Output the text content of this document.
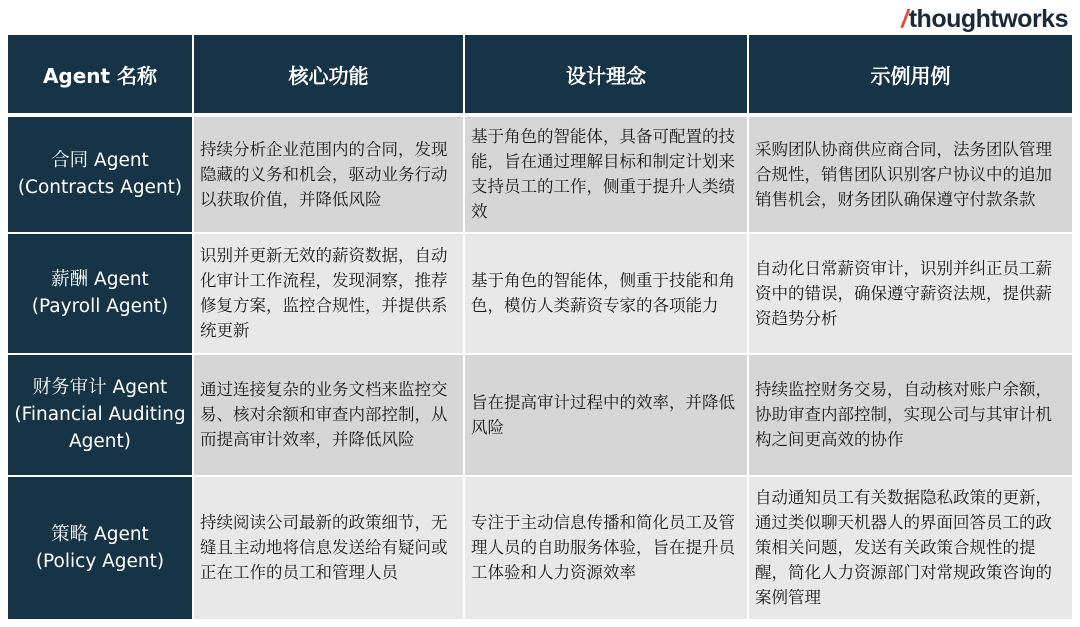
/ thoughtworks
Agent 名称	核心功能	设计理念	示例用例

合同 Agent
(Contracts Agent)	持续分析企业范围内的合同，发现隐藏的义务和机会，驱动业务行动以获取价值，并降低风险	基于角色的智能体，具备可配置的技能，旨在通过理解目标和制定计划来支持员工的工作，侧重于提升人类绩效	采购团队协商供应商合同，法务团队管理合规性，销售团队识别客户协议中的追加销售机会，财务团队确保遵守付款条款

薪酬 Agent
(Payroll Agent)	识别并更新无效的薪资数据，自动化审计工作流程，发现洞察，推荐修复方案，监控合规性，并提供系统更新	基于角色的智能体，侧重于技能和角色，模仿人类薪资专家的各项能力	自动化日常薪资审计，识别并纠正员工薪资中的错误，确保遵守薪资法规，提供薪资趋势分析

财务审计 Agent
(Financial Auditing Agent)	通过连接复杂的业务文档来监控交易、核对余额和审查内部控制，从而提高审计效率，并降低风险	旨在提高审计过程中的效率，并降低风险	持续监控财务交易，自动核对账户余额，协助审查内部控制，实现公司与其审计机构之间更高效的协作

策略 Agent
(Policy Agent)	持续阅读公司最新的政策细节，无缝且主动地将信息发送给有疑问或正在工作的员工和管理人员	专注于主动信息传播和简化员工及管理人员的自助服务体验，旨在提升员工体验和人力资源效率	自动通知员工有关数据隐私政策的更新，通过类似聊天机器人的界面回答员工的政策相关问题，发送有关政策合规性的提醒，简化人力资源部门对常规政策咨询的案例管理
